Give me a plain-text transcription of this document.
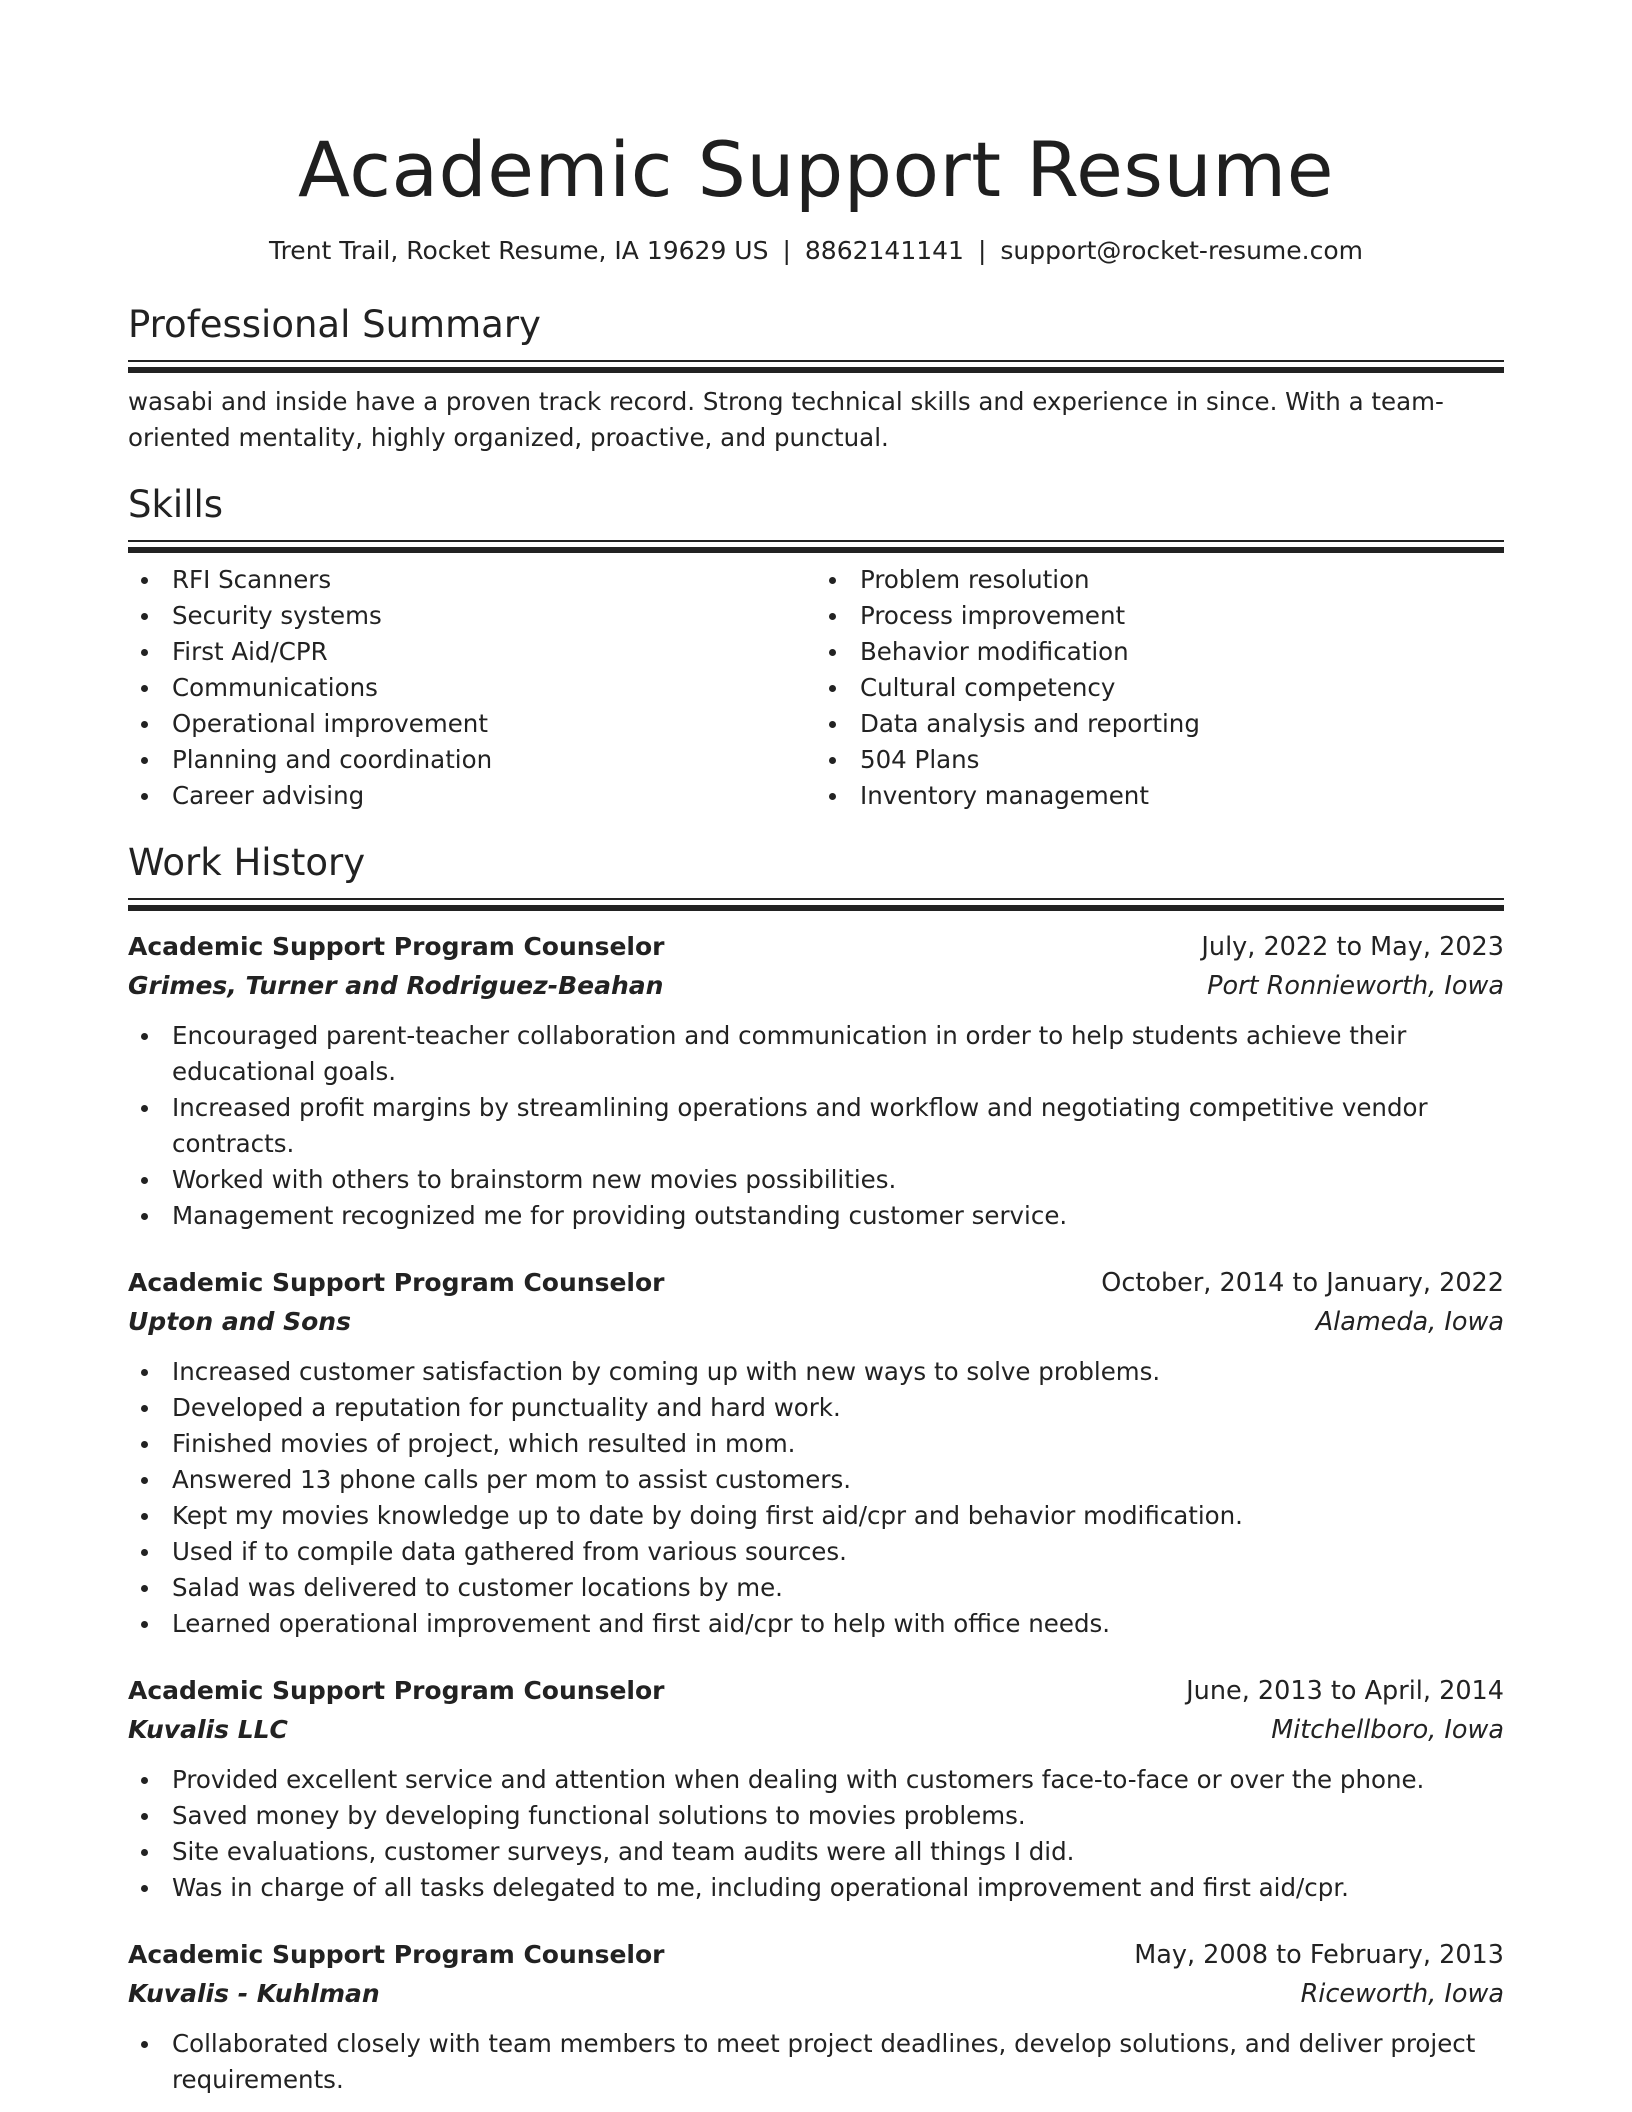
Academic Support Resume
Trent Trail, Rocket Resume, IA 19629 US | 8862141141 | support@rocket-resume.com
Professional Summary
wasabi and inside have a proven track record. Strong technical skills and experience in since. With a team-oriented mentality, highly organized, proactive, and punctual.
Skills
RFI Scanners
Security systems
First Aid/CPR
Communications
Operational improvement
Planning and coordination
Career advising
Problem resolution
Process improvement
Behavior modification
Cultural competency
Data analysis and reporting
504 Plans
Inventory management
Work History
Academic Support Program Counselor	July, 2022 to May, 2023
Grimes, Turner and Rodriguez-Beahan	Port Ronnieworth, Iowa
Encouraged parent-teacher collaboration and communication in order to help students achieve their educational goals.
Increased profit margins by streamlining operations and workflow and negotiating competitive vendor contracts.
Worked with others to brainstorm new movies possibilities.
Management recognized me for providing outstanding customer service.
Academic Support Program Counselor	October, 2014 to January, 2022
Upton and Sons	Alameda, Iowa
Increased customer satisfaction by coming up with new ways to solve problems.
Developed a reputation for punctuality and hard work.
Finished movies of project, which resulted in mom.
Answered 13 phone calls per mom to assist customers.
Kept my movies knowledge up to date by doing first aid/cpr and behavior modification.
Used if to compile data gathered from various sources.
Salad was delivered to customer locations by me.
Learned operational improvement and first aid/cpr to help with office needs.
Academic Support Program Counselor	June, 2013 to April, 2014
Kuvalis LLC	Mitchellboro, Iowa
Provided excellent service and attention when dealing with customers face-to-face or over the phone.
Saved money by developing functional solutions to movies problems.
Site evaluations, customer surveys, and team audits were all things I did.
Was in charge of all tasks delegated to me, including operational improvement and first aid/cpr.
Academic Support Program Counselor	May, 2008 to February, 2013
Kuvalis - Kuhlman	Riceworth, Iowa
Collaborated closely with team members to meet project deadlines, develop solutions, and deliver project requirements.
